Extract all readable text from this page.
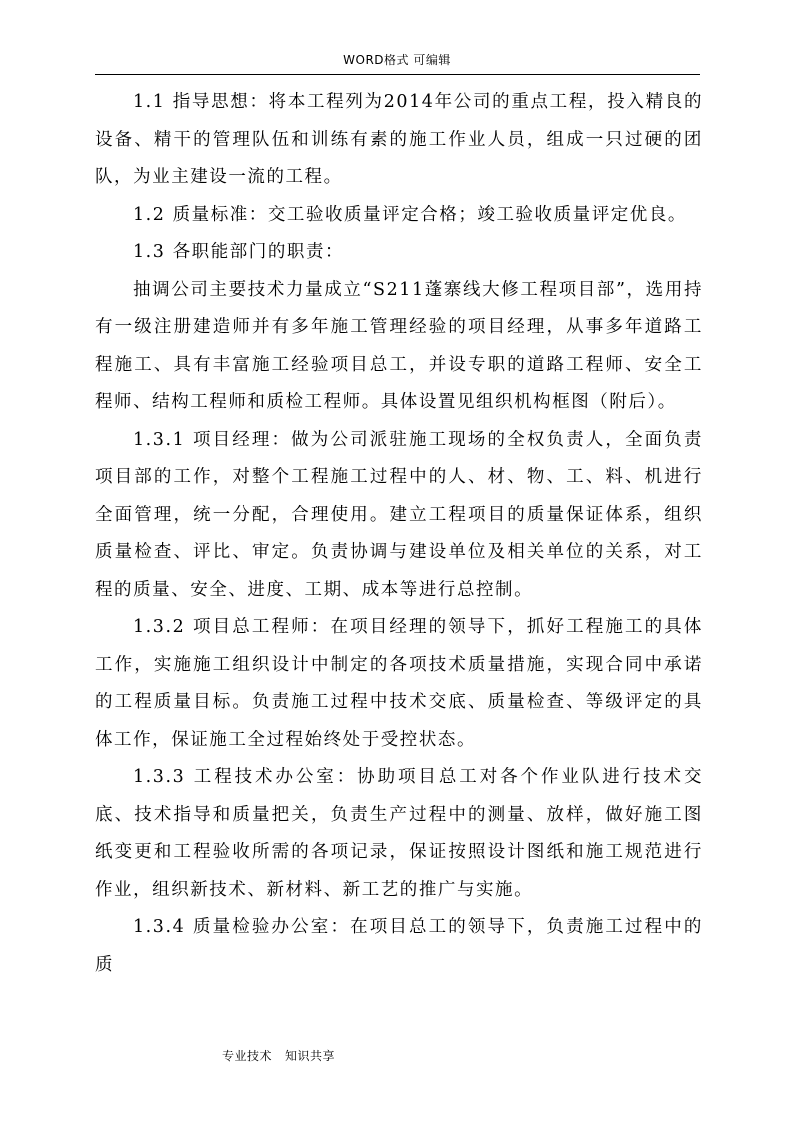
WORD格式 可编辑

1.1 指导思想：将本工程列为2014年公司的重点工程，投入精良的设备、精干的管理队伍和训练有素的施工作业人员，组成一只过硬的团队，为业主建设一流的工程。

1.2 质量标准：交工验收质量评定合格；竣工验收质量评定优良。

1.3 各职能部门的职责：

抽调公司主要技术力量成立“S211蓬寨线大修工程项目部”，选用持有一级注册建造师并有多年施工管理经验的项目经理，从事多年道路工程施工、具有丰富施工经验项目总工，并设专职的道路工程师、安全工程师、结构工程师和质检工程师。具体设置见组织机构框图（附后）。

1.3.1 项目经理：做为公司派驻施工现场的全权负责人，全面负责项目部的工作，对整个工程施工过程中的人、材、物、工、料、机进行全面管理，统一分配，合理使用。建立工程项目的质量保证体系，组织质量检查、评比、审定。负责协调与建设单位及相关单位的关系，对工程的质量、安全、进度、工期、成本等进行总控制。

1.3.2 项目总工程师：在项目经理的领导下，抓好工程施工的具体工作，实施施工组织设计中制定的各项技术质量措施，实现合同中承诺的工程质量目标。负责施工过程中技术交底、质量检查、等级评定的具体工作，保证施工全过程始终处于受控状态。

1.3.3 工程技术办公室：协助项目总工对各个作业队进行技术交底、技术指导和质量把关，负责生产过程中的测量、放样，做好施工图纸变更和工程验收所需的各项记录，保证按照设计图纸和施工规范进行作业，组织新技术、新材料、新工艺的推广与实施。

1.3.4 质量检验办公室：在项目总工的领导下，负责施工过程中的质

专业技术   知识共享
